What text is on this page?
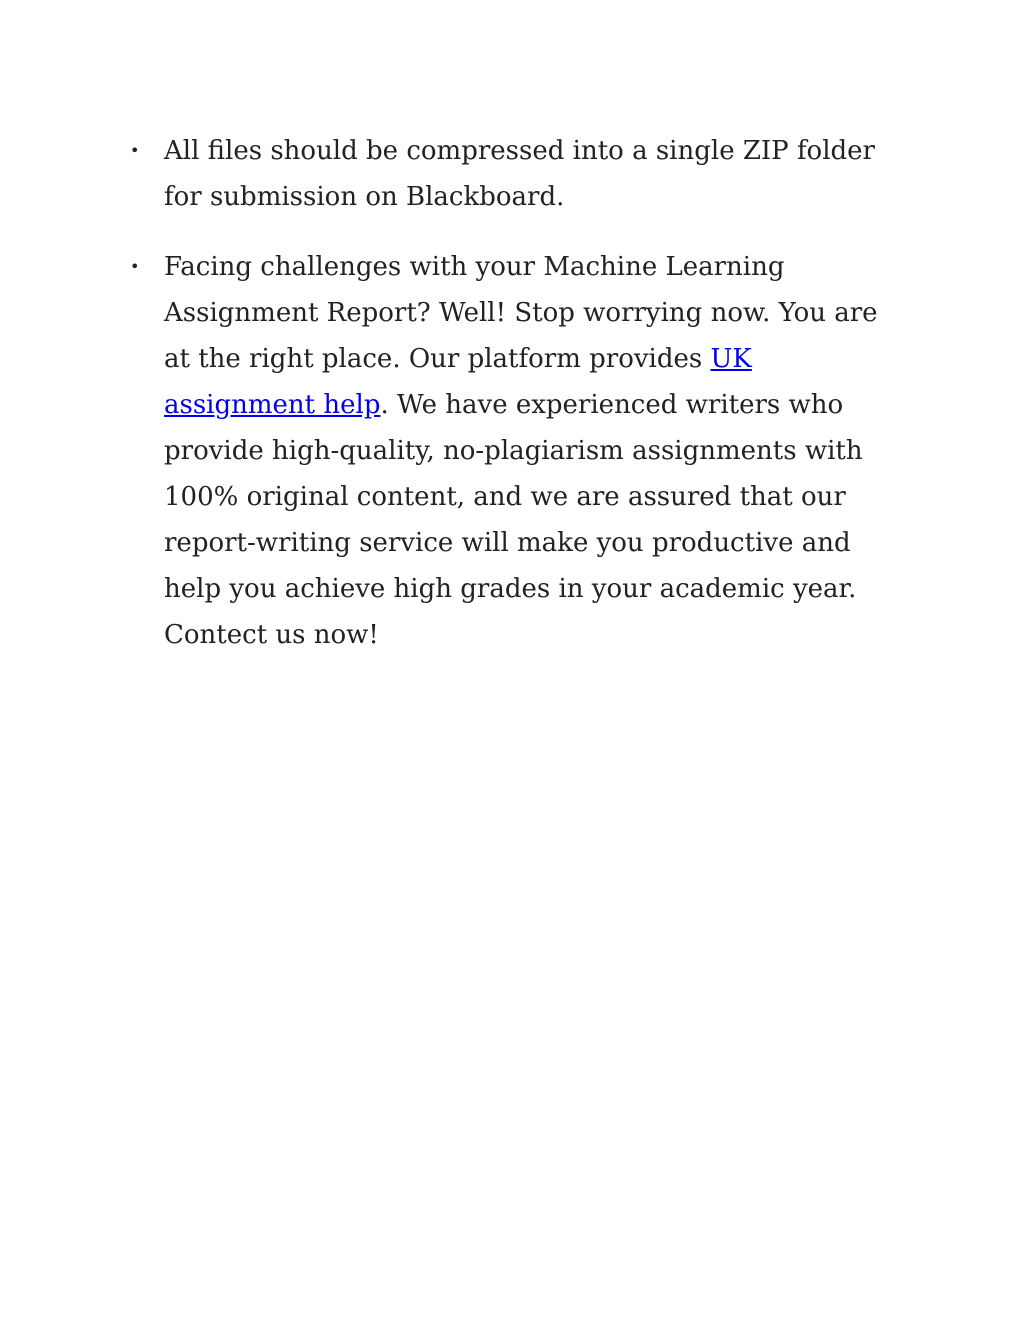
• All files should be compressed into a single ZIP folder for submission on Blackboard.
• Facing challenges with your Machine Learning Assignment Report? Well! Stop worrying now. You are at the right place. Our platform provides UK assignment help. We have experienced writers who provide high-quality, no-plagiarism assignments with 100% original content, and we are assured that our report-writing service will make you productive and help you achieve high grades in your academic year. Contect us now!
